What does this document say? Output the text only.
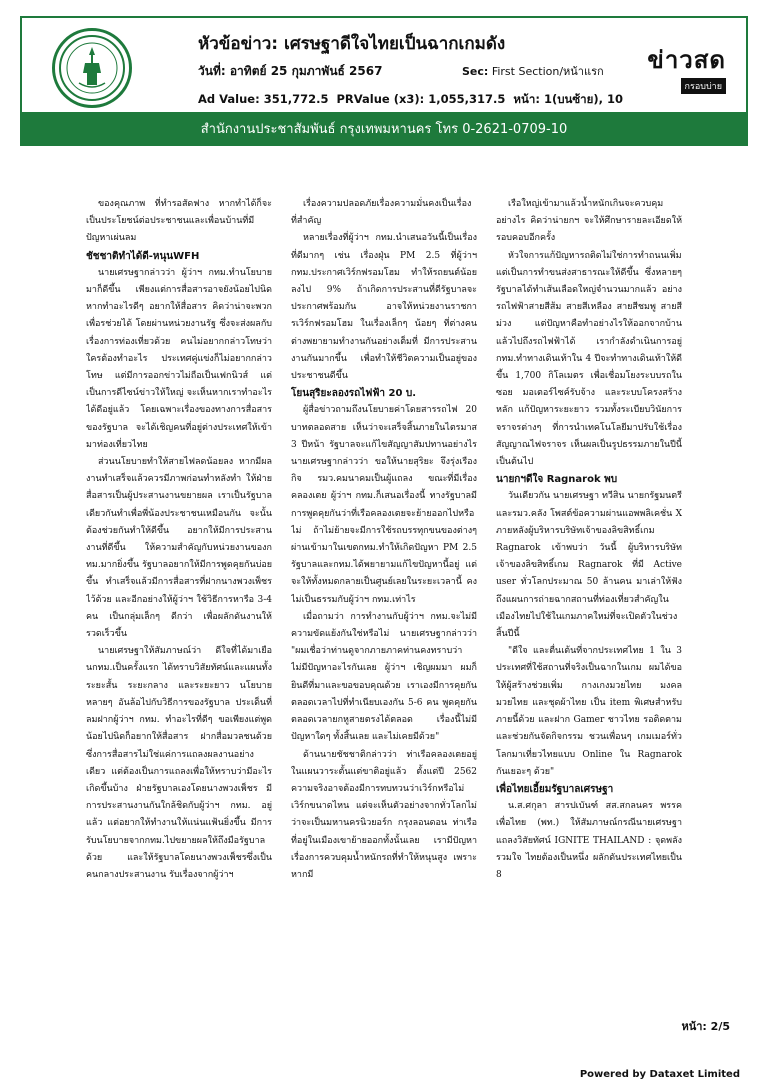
หัวข้อข่าว: เศรษฐาดีใจไทยเป็นฉากเกมดัง
วันที่: อาทิตย์ 25 กุมภาพันธ์ 2567	Sec: First Section/หน้าแรก
Ad Value: 351,772.5 PRValue (x3): 1,055,317.5 หน้า: 1(บนซ้าย), 10
ข่าวสด
กรอบบ่าย
สำนักงานประชาสัมพันธ์ กรุงเทพมหานคร โทร 0-2621-0709-10

ของคุณภาพ ที่ทำรอสัดฟาง หากทำได้ก็จะเป็นประโยชน์ต่อประชาชนและเพื่อนบ้านที่มีปัญหาเผ่นลม

ชัชชาติทำได้ดี-หนุนWFH

นายเศรษฐากล่าวว่า ผู้ว่าฯ กทม.ทำนโยบายมาก็ดีขึ้น เพียงแต่การสื่อสารอาจยังน้อยไปนิด หากทำอะไรดีๆ อยากให้สื่อสาร คิดว่าน่าจะพวกเพื่อรช่วยได้ โดยผ่านหน่วยงานรัฐ ซึ่งจะส่งผลกับเรื่องการท่องเที่ยวด้วย คนไม่อยากกล่าวโทษว่าใครต้องทำอะไร ประเทศคู่แข่งก็ไม่อยากกล่าวโทษ แต่มีการออกข่าวไม่ถือเป็นเฟกนิวส์ แต่เป็นการดีไซน์ข่าวให้ใหญ่ จะเห็นหากเราทำอะไรได้ดีอยู่แล้ว โดยเฉพาะเรื่องของทางการสื่อสารของรัฐบาล จะได้เชิญคนที่อยู่ต่างประเทศให้เข้ามาท่องเที่ยวไทย

ส่วนนโยบายทำให้สายไฟลดน้อยลง หากมีผลงานทำเสร็จแล้วควรมีภาพก่อนทำหลังทำ ให้ฝ่ายสื่อสารเป็นผู้ประสานงานขยายผล เราเป็นรัฐบาลเดียวกันทำเพื่อพี่น้องประชาชนเหมือนกัน จะนั้นต้องช่วยกันทำให้ดีขึ้น อยากให้มีการประสานงานที่ดีขึ้น ให้ความสำคัญกับหน่วยงานของกทม.มากยิ่งขึ้น รัฐบาลอยากให้มีการพูดคุยกันบ่อยขึ้น ทำเสร็จแล้วมีการสื่อสารที่ฝากนางพวงเพ็ชรไว้ด้วย และอีกอย่างให้ผู้ว่าฯ ใช้วิธีการหารือ 3-4 คน เป็นกลุ่มเล็กๆ ดีกว่า เพื่อผลักดันงานให้รวดเร็วขึ้น

นายเศรษฐาให้สัมภาษณ์ว่า ดีใจที่ได้มาเยือนกทม.เป็นครั้งแรก ได้ทราบวิสัยทัศน์และแผนทั้งระยะสั้น ระยะกลาง และระยะยาว นโยบายหลายๆ อันล้อไปกับวิธีการของรัฐบาล ประเด็นที่ลมฝากผู้ว่าฯ กทม. ทำอะไรที่ดีๆ ขอเพียงแต่พูดน้อยไปนิดก็อยากให้สื่อสาร ฝากสื่อมวลชนด้วย ซึ่งการสื่อสารไม่ใช่แค่การแถลงผลงานอย่างเดียว แต่ต้องเป็นการแถลงเพื่อให้ทราบว่ามีอะไรเกิดขึ้นบ้าง ฝ่ายรัฐบาลเองโดยนางพวงเพ็ชร มีการประสานงานกันใกล้ชิดกับผู้ว่าฯ กทม. อยู่แล้ว แต่อยากให้ทำงานให้แน่นแฟ้นยิ่งขึ้น มีการรับนโยบายจากกทม.ไปขยายผลให้ถึงมือรัฐบาลด้วย และให้รัฐบาลโดยนางพวงเพ็ชรซึ่งเป็นคนกลางประสานงาน รับเรื่องจากผู้ว่าฯ

เรื่องความปลอดภัยเรื่องความมั่นคงเป็นเรื่องที่สำคัญ

หลายเรื่องที่ผู้ว่าฯ กทม.นำเสนอวันนี้เป็นเรื่องที่ดีมากๆ เช่น เรื่องฝุ่น PM 2.5 ที่ผู้ว่าฯ กทม.ประกาศเวิร์กฟรอมโฮม ทำให้รถยนต์น้อยลงไป 9% ถ้าเกิดการประสานที่ดีรัฐบาลจะประกาศพร้อมกัน อาจให้หน่วยงานราชการเวิร์กฟรอมโฮม ในเรื่องเล็กๆ น้อยๆ ที่ต่างคนต่างพยายามทำงานกันอย่างเต็มที่ มีการประสานงานกันมากขึ้น เพื่อทำให้ชีวิตความเป็นอยู่ของประชาชนดีขึ้น

โยนสุริยะลองรถไฟฟ้า 20 บ.

ผู้สื่อข่าวถามถึงนโยบายค่าโดยสารรถไฟ 20 บาทตลอดสาย เห็นว่าจะเสร็จสิ้นภายในไตรมาส 3 ปีหน้า รัฐบาลจะแก้ไขสัญญาสัมปทานอย่างไร นายเศรษฐากล่าวว่า ขอให้นายสุริยะ จึงรุ่งเรืองกิจ รมว.คมนาคมเป็นผู้แถลง ขณะที่มีเรื่องคลองเตย ผู้ว่าฯ กทม.ก็เสนอเรื่องนี้ ทางรัฐบาลมีการพูดคุยกันว่าที่เรือคลองเตยจะย้ายออกไปหรือไม่ ถ้าไม่ย้ายจะมีการใช้รถบรรทุกขนของต่างๆ ผ่านเข้ามาในเขตกทม.ทำให้เกิดปัญหา PM 2.5 รัฐบาลและกทม.ได้พยายามแก้ไขปัญหานี้อยู่ แต่จะให้ทั้งหมดกลายเป็นศูนย์เลยในระยะเวลานี้ คงไม่เป็นธรรมกับผู้ว่าฯ กทม.เท่าไร

เมื่อถามว่า การทำงานกับผู้ว่าฯ กทม.จะไม่มีความขัดแย้งกันใช่หรือไม่ นายเศรษฐากล่าวว่า "ผมเชื่อว่าท่านดูจากภายภาคท่านคงทราบว่าไม่มีปัญหาอะไรกันเลย ผู้ว่าฯ เชิญผมมา ผมก็ยินดีที่มาและขอขอบคุณด้วย เราเองมีการคุยกันตลอดเวลาไปที่ทำเนียบเองกัน 5-6 คน พูดคุยกันตลอดเวลายกหูสายตรงได้ตลอด เรื่องนี้ไม่มีปัญหาใดๆ ทั้งสิ้นเลย และไม่เคยมีด้วย"

ด้านนายชัชชาติกล่าวว่า ท่าเรือคลองเตยอยู่ในแผนวาระตั้นแต่ขาติอยู่แล้ว ตั้งแต่ปี 2562 ความจริงอาจต้องมีการทบทวนว่าเวิร์กหรือไม่เวิร์กขนาดไหน แต่จะเห็นตัวอย่างจากทั่วโลกไม่ว่าจะเป็นมหานครนิวยอร์ก กรุงลอนดอน ท่าเรือที่อยู่ในเมืองเขาย้ายออกทั้งนั้นเลย เรามีปัญหาเรื่องการควบคุมน้ำหนักรถที่ทำให้หนุนสูง เพราะหากมี

เรือใหญ่เข้ามาแล้วน้ำหนักเกินจะควบคุมอย่างไร คิดว่าน่ายกฯ จะให้ศึกษารายละเอียดให้รอบคอบอีกครั้ง

หัวใจการแก้ปัญหารถติดไม่ใช่การทำถนนเพิ่ม แต่เป็นการทำขนส่งสาธารณะให้ดีขึ้น ซึ่งหลายๆ รัฐบาลได้ทำเส้นเลือดใหญ่จำนวนมากแล้ว อย่างรถไฟฟ้าสายสีส้ม สายสีเหลือง สายสีชมพู สายสีม่วง แต่ปัญหาคือทำอย่างไรให้ออกจากบ้านแล้วไปถึงรถไฟฟ้าได้ เรากำลังดำเนินการอยู่ กทม.ทำทางเดินเท้าใน 4 ปีจะทำทางเดินเท้าให้ดีขึ้น 1,700 กิโลเมตร เพื่อเชื่อมโยงระบบรถในซอย มอเตอร์ไซค์รับจ้าง และระบบโครงสร้างหลัก แก้ปัญหาระยะยาว รวมทั้งระเบียบวินัยการจราจรต่างๆ ที่การนำเทคโนโลยีมาปรับใช้เรื่องสัญญาณไฟจราจร เห็นผลเป็นรูปธรรมภายในปีนี้เป็นต้นไป

นายกฯดีใจ Ragnarok พบ

วันเดียวกัน นายเศรษฐา ทวีสิน นายกรัฐมนตรีและรมว.คลัง โพสต์ข้อความผ่านแอพพลิเคชั่น X ภายหลังผู้บริหารบริษัทเจ้าของลิขสิทธิ์เกม Ragnarok เข้าพบว่า วันนี้ ผู้บริหารบริษัทเจ้าของลิขสิทธิ์เกม Ragnarok ที่มี Active user ทั่วโลกประมาณ 50 ล้านคน มาเล่าให้ฟังถึงแผนการถ่ายฉากสถานที่ท่องเที่ยวสำคัญในเมืองไทยไปใช้ในเกมภาคใหม่ที่จะเปิดตัวในช่วงสิ้นปีนี้

"ดีใจ และตื่นเต้นที่จากประเทศไทย 1 ใน 3 ประเทศที่ใช้สถานที่จริงเป็นฉากในเกม ผมได้ขอให้ผู้สร้างช่วยเพิ่ม กางเกงมวยไทย มงคลมวยไทย และชุดผ้าไทย เป็น item พิเศษสำหรับภายนี้ด้วย และฝาก Gamer ชาวไทย รอติดตาม และช่วยกันจัดกิจกรรม ชวนเพื่อนๆ เกมเมอร์ทั่วโลกมาเที่ยวไทยแบบ Online ใน Ragnarok กันเยอะๆ ด้วย"

เพื่อไทยเอี้ยมรัฐบาลเศรษฐา

น.ส.ศกุลา สารปเบันฑ์ สส.สกลนคร พรรคเพื่อไทย (พท.) ให้สัมภาษณ์กรณีนายเศรษฐาแถลงวิสัยทัศน์ IGNITE THAILAND : จุดพลัง รวมใจ ไทยต้องเป็นหนึ่ง ผลักดันประเทศไทยเป็น 8

หน้า: 2/5
Powered by Dataxet Limited
